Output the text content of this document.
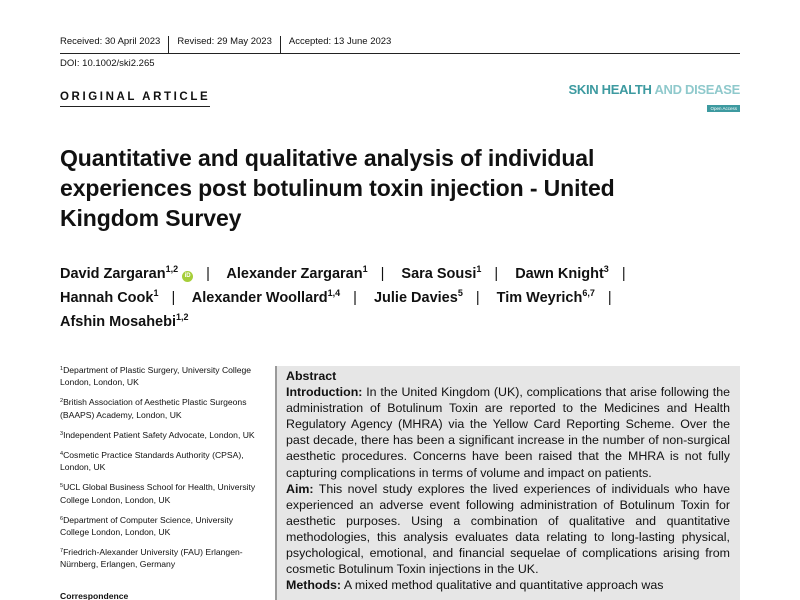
Received: 30 April 2023	Revised: 29 May 2023	Accepted: 13 June 2023
DOI: 10.1002/ski2.265
ORIGINAL ARTICLE	SKIN HEALTH AND DISEASE
Open Access
Quantitative and qualitative analysis of individual experiences post botulinum toxin injection - United Kingdom Survey
David Zargaran$^{1,2}$iD | Alexander Zargaran$^1$ | Sara Sousi$^1$ | Dawn Knight$^3$ |
Hannah Cook$^1$ | Alexander Woollard$^{1,4}$ | Julie Davies$^5$ | Tim Weyrich$^{6,7}$ |
Afshin Mosahebi$^{1,2}$
$^1$Department of Plastic Surgery, University College London, London, UK
$^2$British Association of Aesthetic Plastic Surgeons (BAAPS) Academy, London, UK
$^3$Independent Patient Safety Advocate, London, UK
$^4$Cosmetic Practice Standards Authority (CPSA), London, UK
$^5$UCL Global Business School for Health, University College London, London, UK
$^6$Department of Computer Science, University College London, London, UK
$^7$Friedrich-Alexander University (FAU) Erlangen-Nürnberg, Erlangen, Germany
Correspondence

Abstract

Introduction: In the United Kingdom (UK), complications that arise following the administration of Botulinum Toxin are reported to the Medicines and Health Regulatory Agency (MHRA) via the Yellow Card Reporting Scheme. Over the past decade, there has been a significant increase in the number of non-surgical aesthetic procedures. Concerns have been raised that the MHRA is not fully capturing complications in terms of volume and impact on patients.

Aim: This novel study explores the lived experiences of individuals who have experienced an adverse event following administration of Botulinum Toxin for aesthetic purposes. Using a combination of qualitative and quantitative methodologies, this analysis evaluates data relating to long-lasting physical, psychological, emotional, and financial sequelae of complications arising from cosmetic Botulinum Toxin injections in the UK.

Methods: A mixed method qualitative and quantitative approach was
